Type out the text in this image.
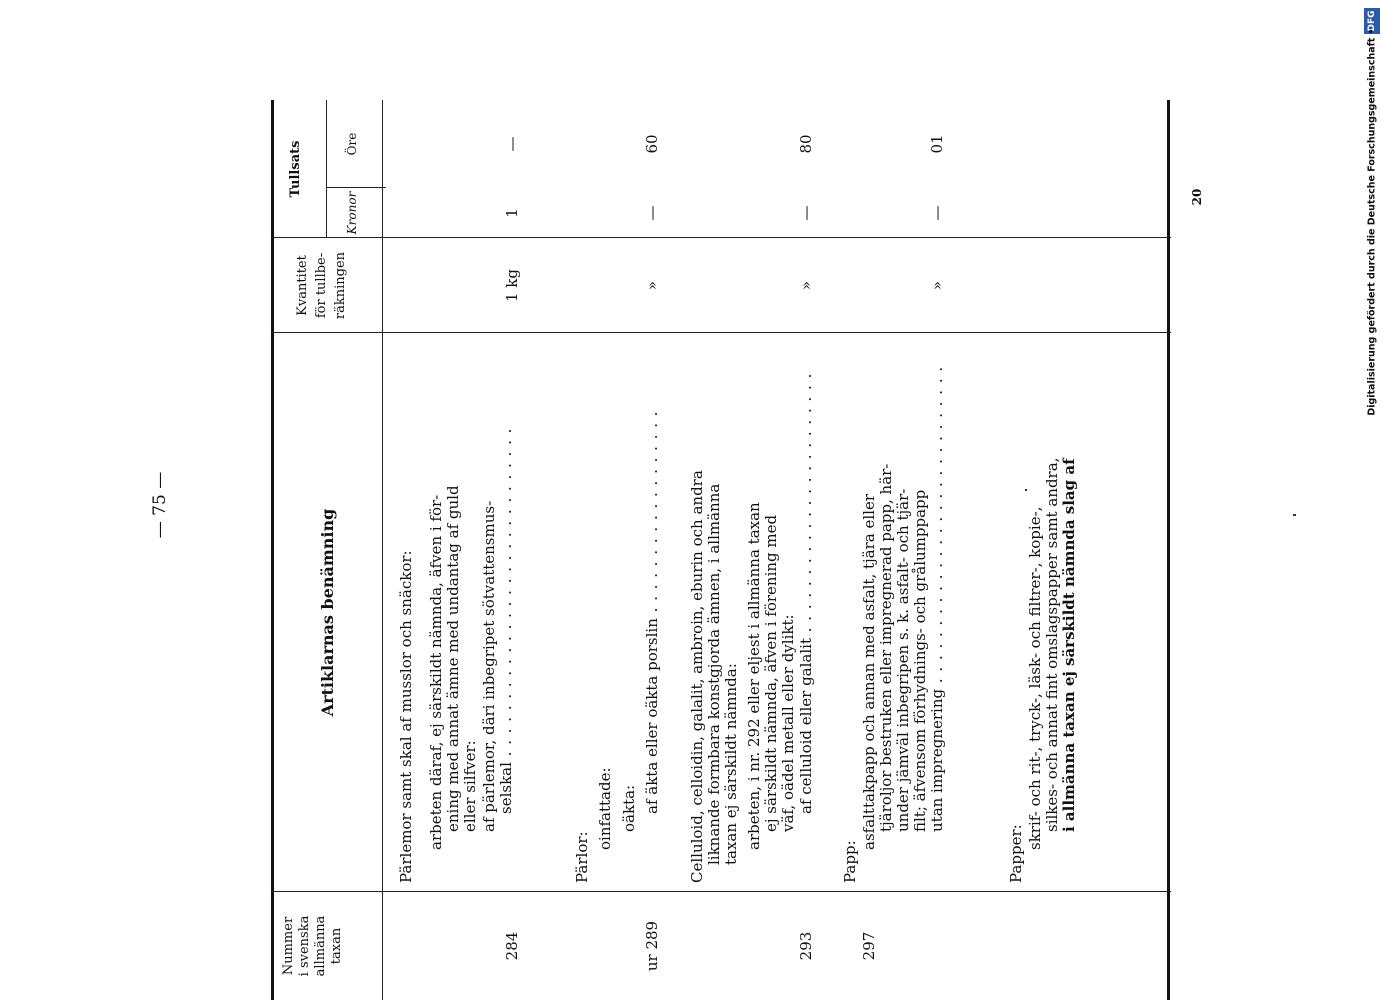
— 75 —
20
DFG
Digitalisierung gefördert durch die Deutsche Forschungsgemeinschaft •
Nummer i svenska allmänna taxan
Artiklarnas benämning
Kvantitet för tullbe- räkningen
Tullsats
Kronor
Öre
Pärlemor samt skal af musslor och snäckor: arbeten däraf, ej särskildt nämnda, äfven i för- ening med annat ämne med undantag af guld eller silfver: af pärlemor, däri inbegripet sötvattensmus- selskal . . . . . . . . . . . . . . . . . . . . . . . . . . . . .
284
1 kg
1
—
Pärlor:
oinfattade: oäkta: af äkta eller oäkta porslin . . . . . . . . . . . . . . . . . .
ur 289
»
—
60
Celluloid, celloidin, galalit, ambroin, eburin och andra liknande formbara konstgjorda ämnen, i allmänna taxan ej särskildt nämnda: arbeten, i nr. 292 eller eljest i allmänna taxan ej särskildt nämnda, äfven i förening med väf, oädel metall eller dylikt: af celluloid eller galalit . . . . . . . . . . . . . . . . . . . . . . .
293
»
—
80
Papp:
asfalttakpapp och annan med asfalt, tjära eller tjäroljor bestruken eller impregnerad papp, här- under jämväl inbegripen s. k. asfalt- och tjär- filt; äfvensom förhydnings- och grålumppapp utan impregnering . . . . . . . . . . . . . . . . . . . . . . . . . . . .
297
»
—
01
Papper:
skrif- och rit-, tryck-, läsk- och filtrer-, kopie-, silkes- och annat fint omslagspapper samt andra, i allmänna taxan ej särskildt nämnda slag af
